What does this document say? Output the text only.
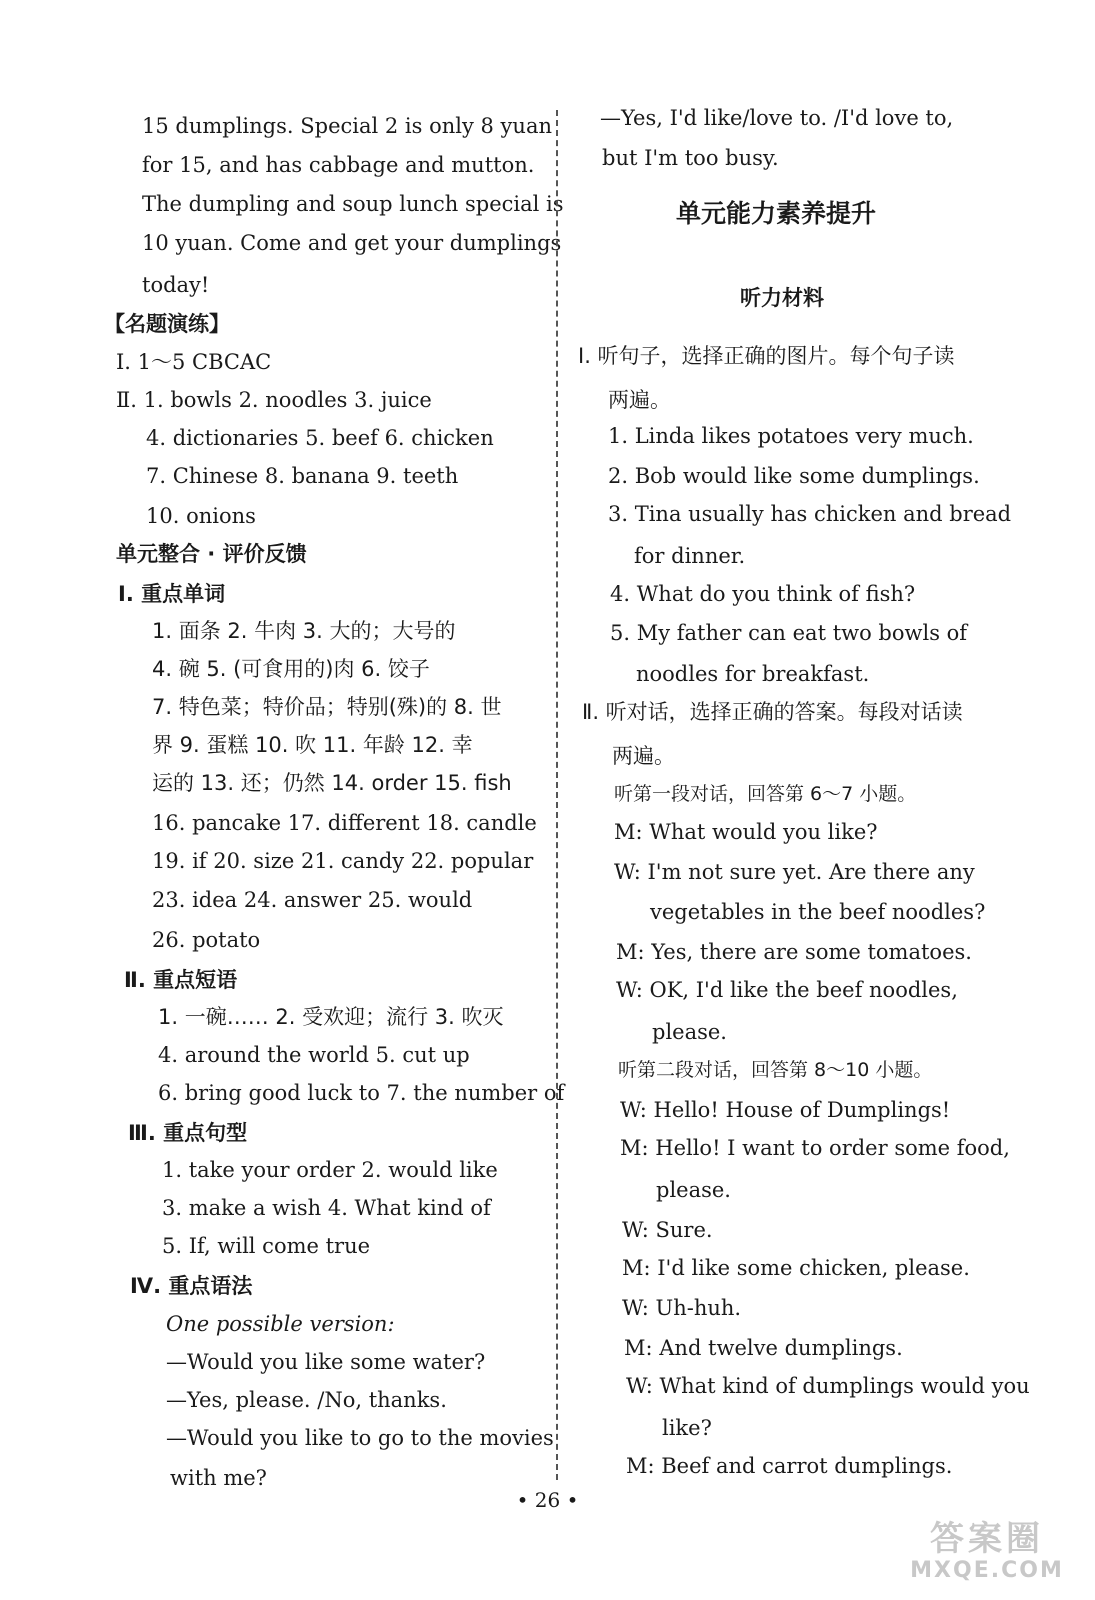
15 dumplings. Special 2 is only 8 yuan
for 15, and has cabbage and mutton.
The dumpling and soup lunch special is
10 yuan. Come and get your dumplings
today!
【名题演练】
Ⅰ. 1～5 CBCAC
Ⅱ. 1. bowls 2. noodles 3. juice
4. dictionaries 5. beef 6. chicken
7. Chinese 8. banana 9. teeth
10. onions
单元整合 · 评价反馈
Ⅰ. 重点单词
1. 面条 2. 牛肉 3. 大的；大号的
4. 碗 5. (可食用的)肉 6. 饺子
7. 特色菜；特价品；特别(殊)的 8. 世
界 9. 蛋糕 10. 吹 11. 年龄 12. 幸
运的 13. 还；仍然 14. order 15. fish
16. pancake 17. different 18. candle
19. if 20. size 21. candy 22. popular
23. idea 24. answer 25. would
26. potato
Ⅱ. 重点短语
1. 一碗…… 2. 受欢迎；流行 3. 吹灭
4. around the world 5. cut up
6. bring good luck to 7. the number of
Ⅲ. 重点句型
1. take your order 2. would like
3. make a wish 4. What kind of
5. If, will come true
Ⅳ. 重点语法
One possible version:
—Would you like some water?
—Yes, please. /No, thanks.
—Would you like to go to the movies
with me?
—Yes, I'd like/love to. /I'd love to,
but I'm too busy.
单元能力素养提升
听力材料
Ⅰ. 听句子，选择正确的图片。每个句子读
两遍。
1. Linda likes potatoes very much.
2. Bob would like some dumplings.
3. Tina usually has chicken and bread
for dinner.
4. What do you think of fish?
5. My father can eat two bowls of
noodles for breakfast.
Ⅱ. 听对话，选择正确的答案。每段对话读
两遍。
听第一段对话，回答第 6～7 小题。
M: What would you like?
W: I'm not sure yet. Are there any
vegetables in the beef noodles?
M: Yes, there are some tomatoes.
W: OK, I'd like the beef noodles,
please.
听第二段对话，回答第 8～10 小题。
W: Hello! House of Dumplings!
M: Hello! I want to order some food,
please.
W: Sure.
M: I'd like some chicken, please.
W: Uh-huh.
M: And twelve dumplings.
W: What kind of dumplings would you
like?
M: Beef and carrot dumplings.
• 26 •
答案圈
MXQE.COM
